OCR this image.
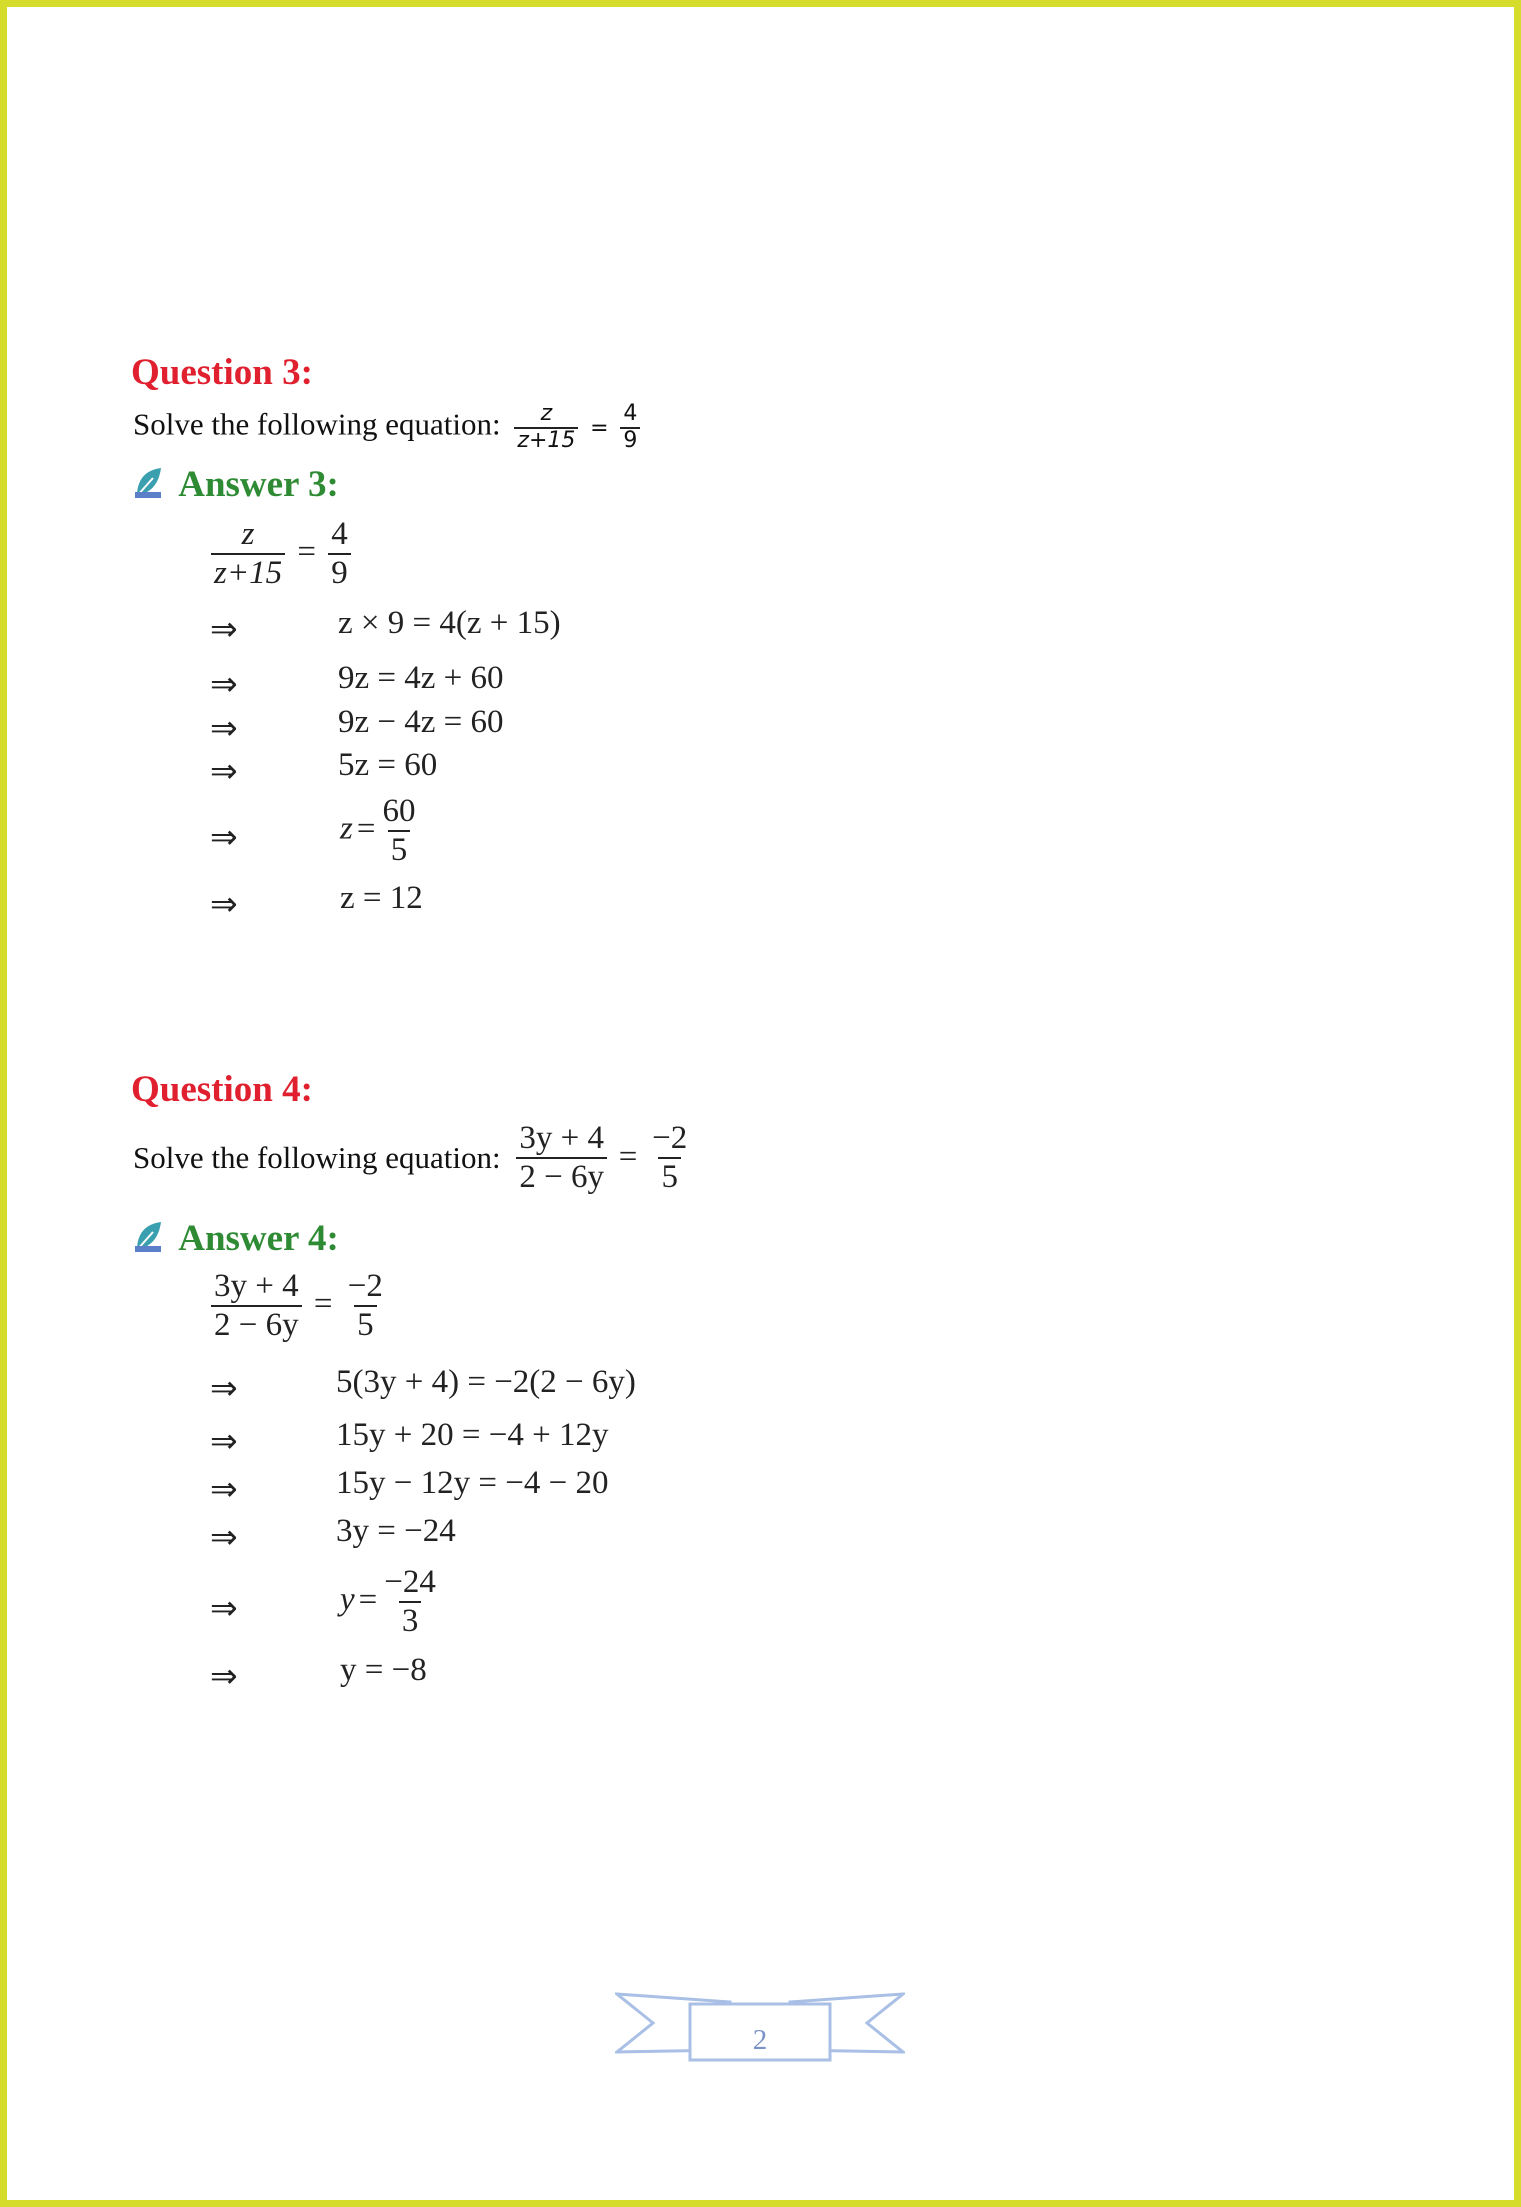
Question 3:
Solve the following equation: $\frac{z}{z+15} = \frac{4}{9}$
Answer 3:
$\frac{z}{z+15} = \frac{4}{9}$
⇒	z × 9 = 4(z + 15)
⇒	9z = 4z + 60
⇒	9z − 4z = 60
⇒	5z = 60
⇒	$z = \frac{60}{5}$
⇒	z = 12
Question 4:
Solve the following equation: $\frac{3y + 4}{2 - 6y} = \frac{-2}{5}$
Answer 4:
$\frac{3y + 4}{2 - 6y} = \frac{-2}{5}$
⇒	5(3y + 4) = −2(2 − 6y)
⇒	15y + 20 = −4 + 12y
⇒	15y − 12y = −4 − 20
⇒	3y = −24
⇒	$y = \frac{-24}{3}$
⇒	y = −8
2
